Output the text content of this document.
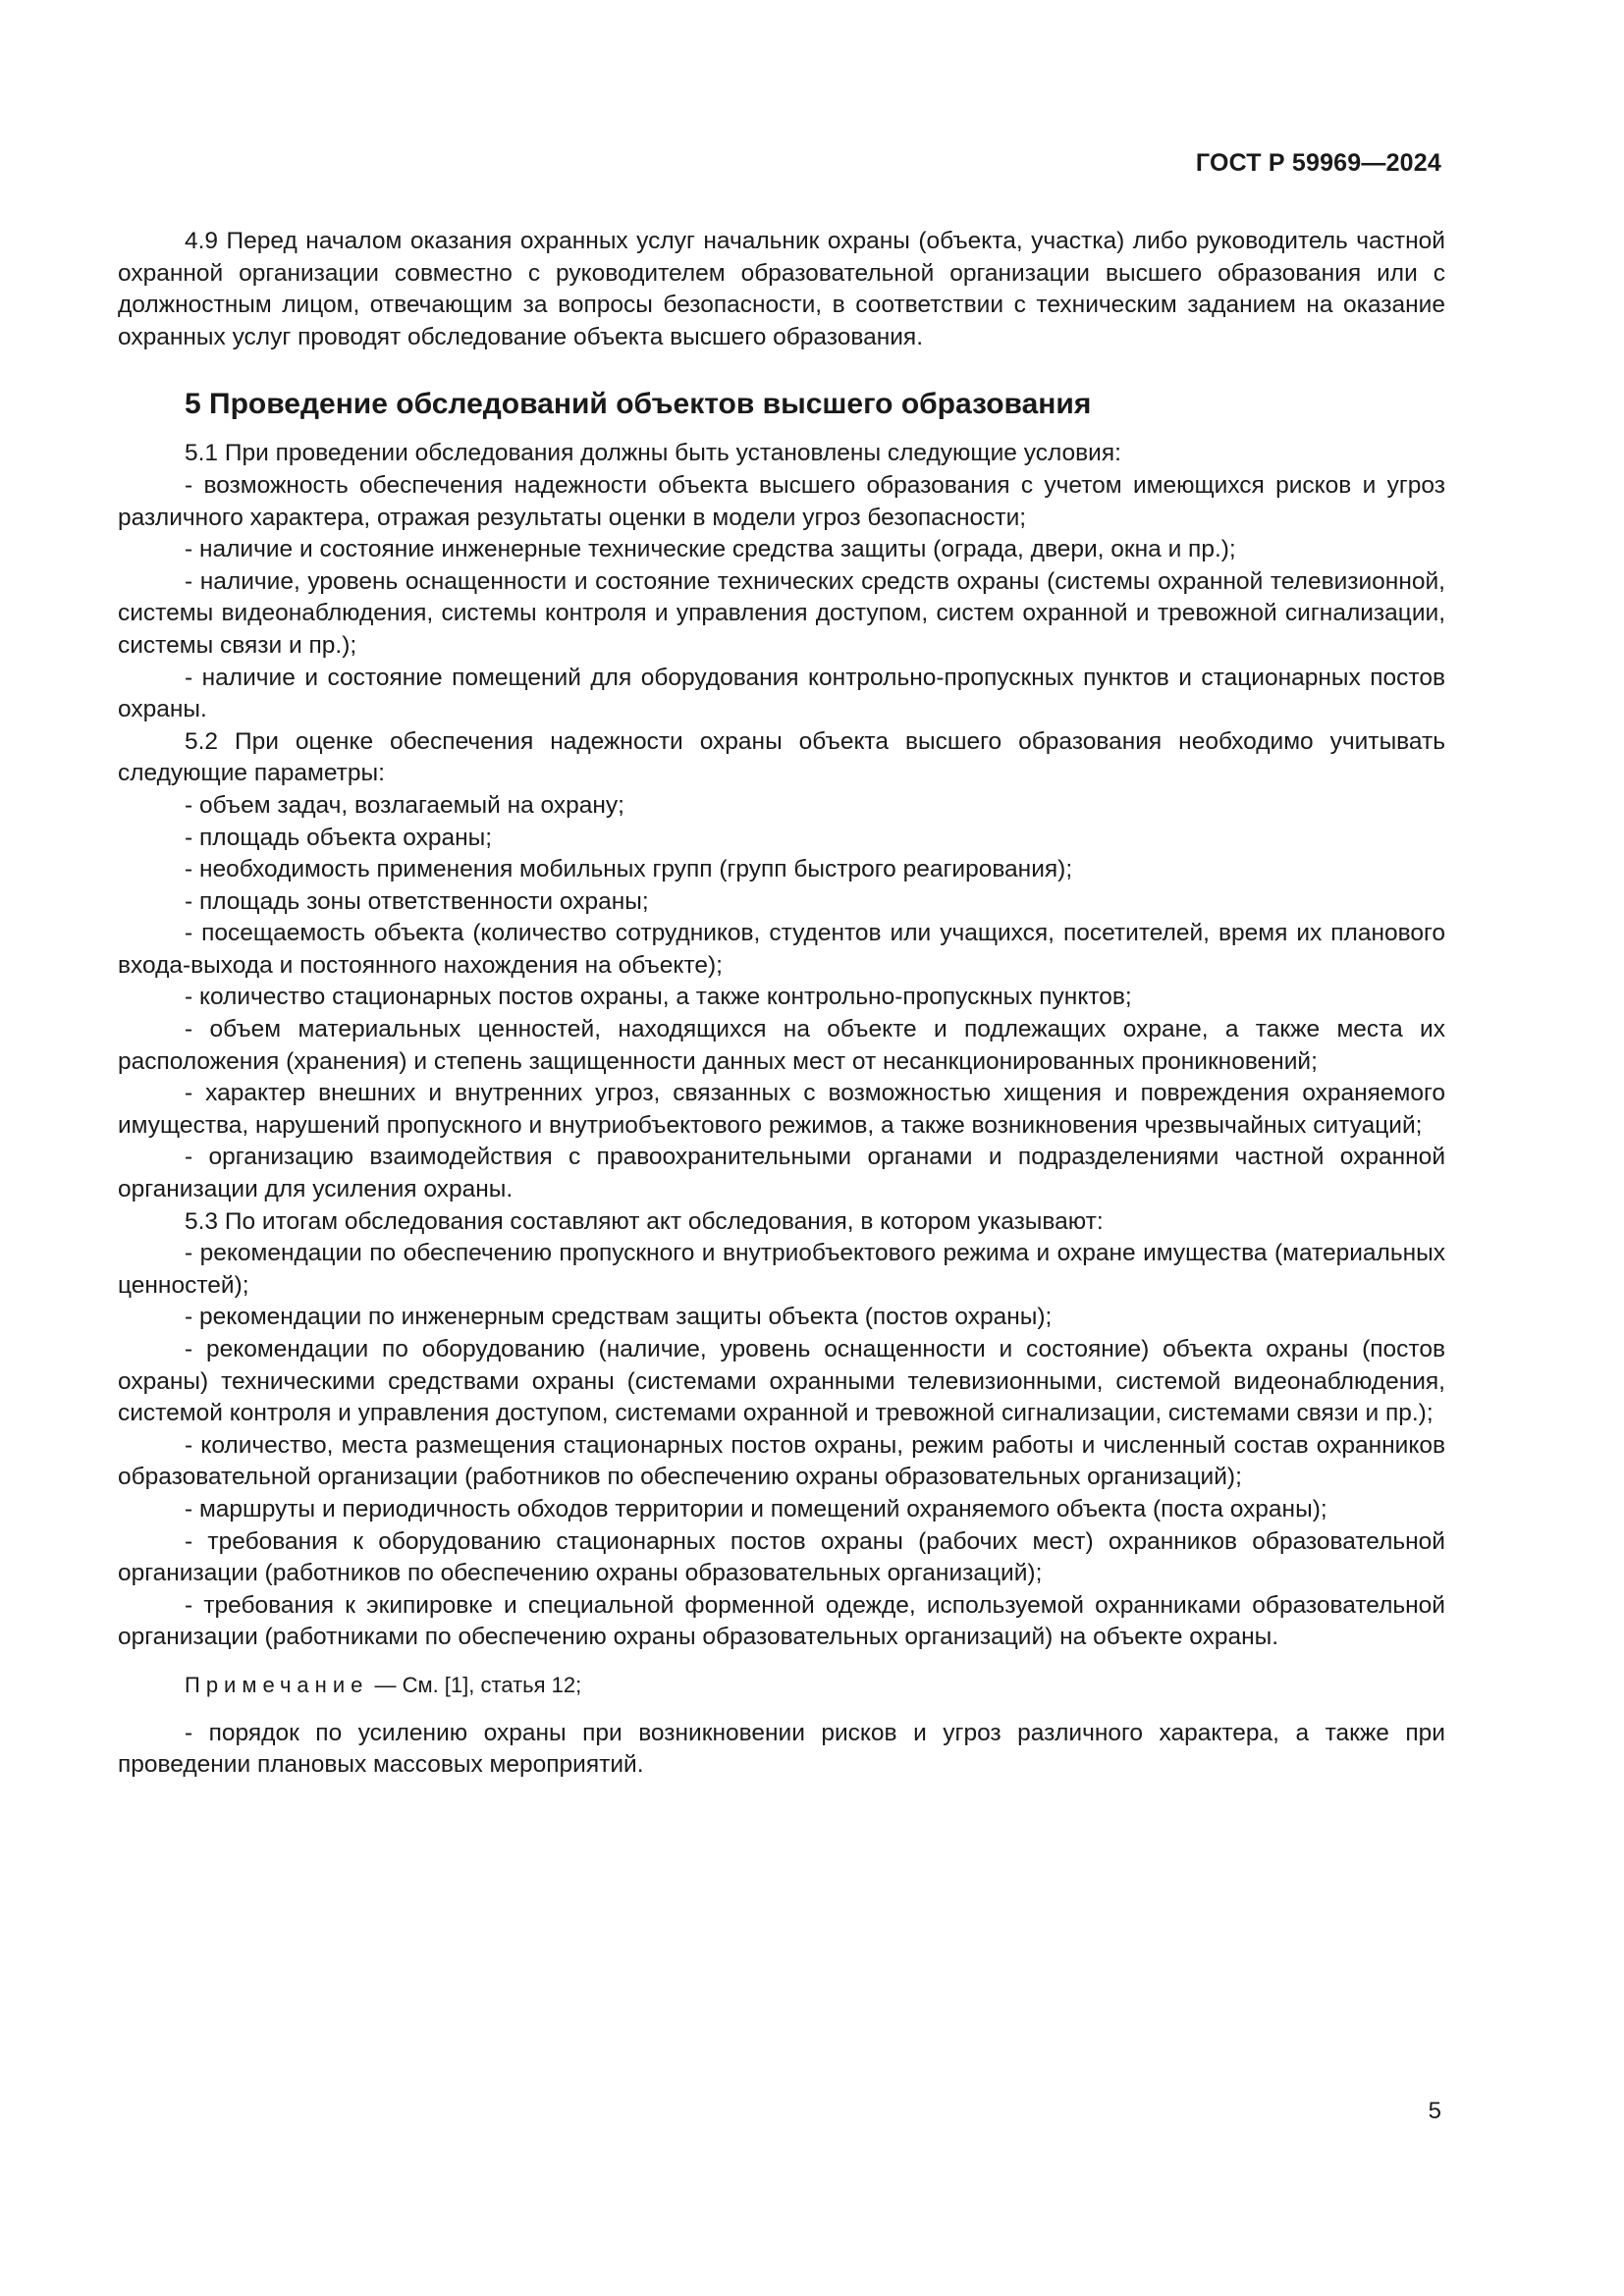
ГОСТ Р 59969—2024

4.9 Перед началом оказания охранных услуг начальник охраны (объекта, участка) либо руководитель частной охранной организации совместно с руководителем образовательной организации высшего образования или с должностным лицом, отвечающим за вопросы безопасности, в соответствии с техническим заданием на оказание охранных услуг проводят обследование объекта высшего образования.

5 Проведение обследований объектов высшего образования

5.1 При проведении обследования должны быть установлены следующие условия:

- возможность обеспечения надежности объекта высшего образования с учетом имеющихся рисков и угроз различного характера, отражая результаты оценки в модели угроз безопасности;

- наличие и состояние инженерные технические средства защиты (ограда, двери, окна и пр.);

- наличие, уровень оснащенности и состояние технических средств охраны (системы охранной телевизионной, системы видеонаблюдения, системы контроля и управления доступом, систем охранной и тревожной сигнализации, системы связи и пр.);

- наличие и состояние помещений для оборудования контрольно-пропускных пунктов и стационарных постов охраны.

5.2 При оценке обеспечения надежности охраны объекта высшего образования необходимо учитывать следующие параметры:

- объем задач, возлагаемый на охрану;

- площадь объекта охраны;

- необходимость применения мобильных групп (групп быстрого реагирования);

- площадь зоны ответственности охраны;

- посещаемость объекта (количество сотрудников, студентов или учащихся, посетителей, время их планового входа-выхода и постоянного нахождения на объекте);

- количество стационарных постов охраны, а также контрольно-пропускных пунктов;

- объем материальных ценностей, находящихся на объекте и подлежащих охране, а также места их расположения (хранения) и степень защищенности данных мест от несанкционированных проникновений;

- характер внешних и внутренних угроз, связанных с возможностью хищения и повреждения охраняемого имущества, нарушений пропускного и внутриобъектового режимов, а также возникновения чрезвычайных ситуаций;

- организацию взаимодействия с правоохранительными органами и подразделениями частной охранной организации для усиления охраны.

5.3 По итогам обследования составляют акт обследования, в котором указывают:

- рекомендации по обеспечению пропускного и внутриобъектового режима и охране имущества (материальных ценностей);

- рекомендации по инженерным средствам защиты объекта (постов охраны);

- рекомендации по оборудованию (наличие, уровень оснащенности и состояние) объекта охраны (постов охраны) техническими средствами охраны (системами охранными телевизионными, системой видеонаблюдения, системой контроля и управления доступом, системами охранной и тревожной сигнализации, системами связи и пр.);

- количество, места размещения стационарных постов охраны, режим работы и численный состав охранников образовательной организации (работников по обеспечению охраны образовательных организаций);

- маршруты и периодичность обходов территории и помещений охраняемого объекта (поста охраны);

- требования к оборудованию стационарных постов охраны (рабочих мест) охранников образовательной организации (работников по обеспечению охраны образовательных организаций);

- требования к экипировке и специальной форменной одежде, используемой охранниками образовательной организации (работниками по обеспечению охраны образовательных организаций) на объекте охраны.

Примечание — См. [1], статья 12;

- порядок по усилению охраны при возникновении рисков и угроз различного характера, а также при проведении плановых массовых мероприятий.

5
